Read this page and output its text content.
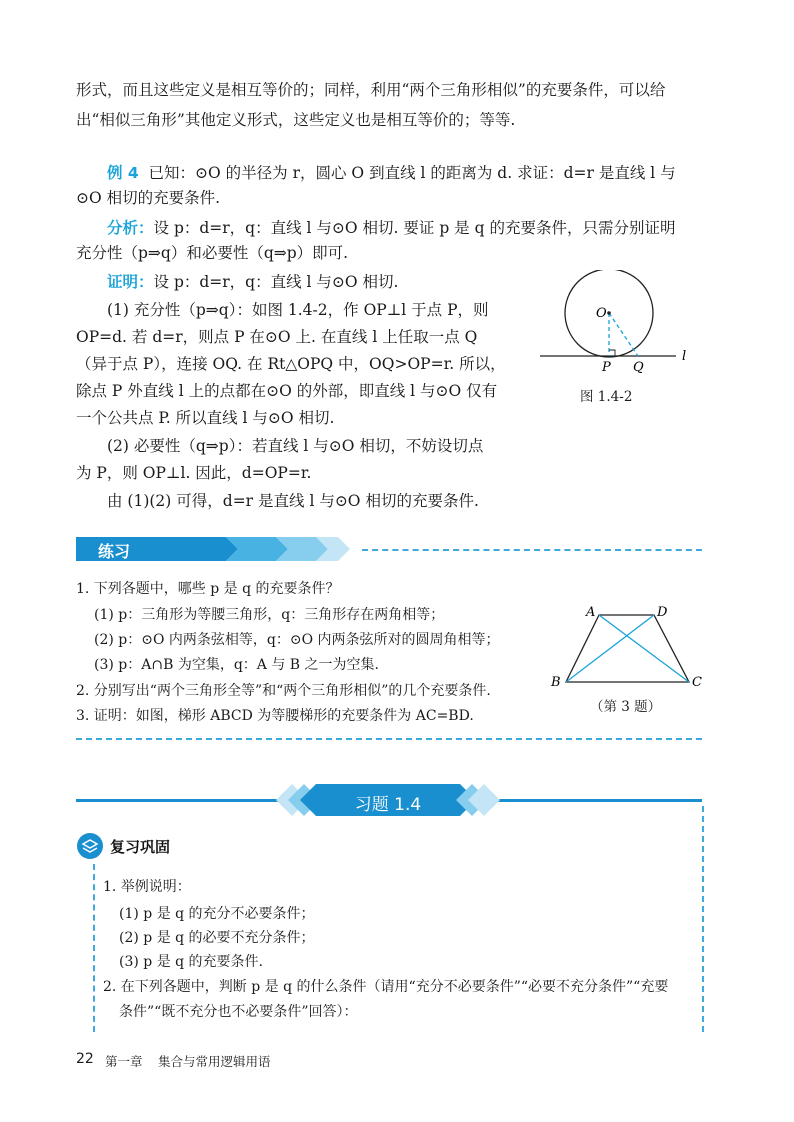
形式，而且这些定义是相互等价的；同样，利用“两个三角形相似”的充要条件，可以给
出“相似三角形”其他定义形式，这些定义也是相互等价的；等等.
例 4 已知：⊙O 的半径为 r，圆心 O 到直线 l 的距离为 d. 求证：d=r 是直线 l 与
⊙O 相切的充要条件.
分析：设 p：d=r，q：直线 l 与⊙O 相切. 要证 p 是 q 的充要条件，只需分别证明
充分性（p⇒q）和必要性（q⇒p）即可.
证明：设 p：d=r，q：直线 l 与⊙O 相切.
(1) 充分性（p⇒q）：如图 1.4-2，作 OP⊥l 于点 P，则
OP=d. 若 d=r，则点 P 在⊙O 上. 在直线 l 上任取一点 Q
（异于点 P），连接 OQ. 在 Rt△OPQ 中，OQ>OP=r. 所以，
除点 P 外直线 l 上的点都在⊙O 的外部，即直线 l 与⊙O 仅有
一个公共点 P. 所以直线 l 与⊙O 相切.
(2) 必要性（q⇒p）：若直线 l 与⊙O 相切，不妨设切点
为 P，则 OP⊥l. 因此，d=OP=r.
由 (1)(2) 可得，d=r 是直线 l 与⊙O 相切的充要条件.
O
P Q
l
图 1.4-2
练习
1. 下列各题中，哪些 p 是 q 的充要条件？
(1) p：三角形为等腰三角形，q：三角形存在两角相等；
(2) p：⊙O 内两条弦相等，q：⊙O 内两条弦所对的圆周角相等；
(3) p：A∩B 为空集，q：A 与 B 之一为空集.
2. 分别写出“两个三角形全等”和“两个三角形相似”的几个充要条件.
3. 证明：如图，梯形 ABCD 为等腰梯形的充要条件为 AC=BD.
A	D
B	C
（第 3 题）
习题 1.4
复习巩固
1. 举例说明：
(1) p 是 q 的充分不必要条件；
(2) p 是 q 的必要不充分条件；
(3) p 是 q 的充要条件.
2. 在下列各题中，判断 p 是 q 的什么条件（请用“充分不必要条件”“必要不充分条件”“充要
条件”“既不充分也不必要条件”回答）：
22 第一章 集合与常用逻辑用语
